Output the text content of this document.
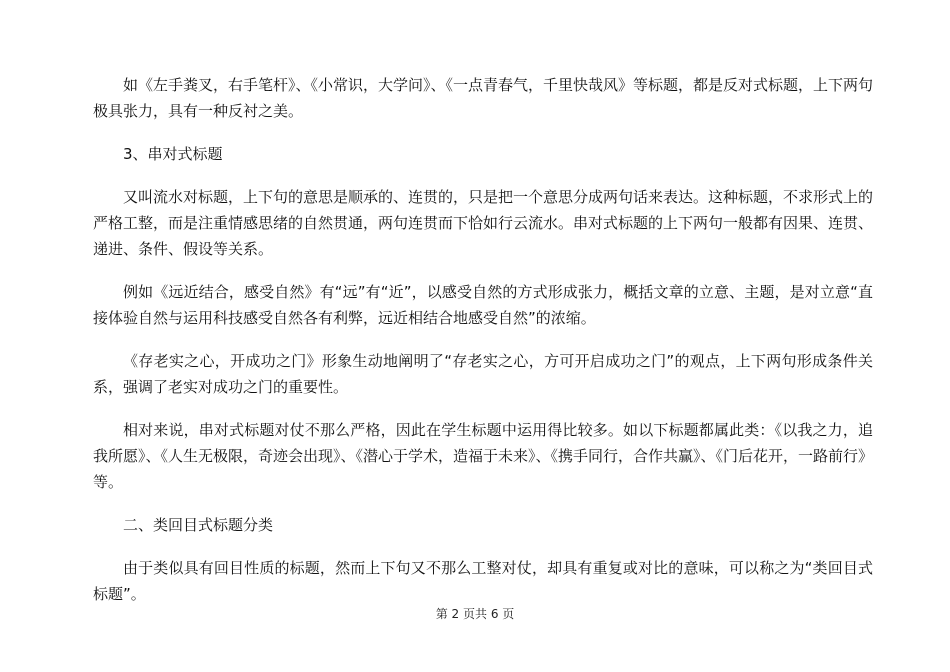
如《左手粪叉，右手笔杆》、《小常识，大学问》、《一点青春气，千里快哉风》等标题，都是反对式标题，上下两句极具张力，具有一种反衬之美。

3、串对式标题

又叫流水对标题，上下句的意思是顺承的、连贯的，只是把一个意思分成两句话来表达。这种标题，不求形式上的严格工整，而是注重情感思绪的自然贯通，两句连贯而下恰如行云流水。串对式标题的上下两句一般都有因果、连贯、递进、条件、假设等关系。

例如《远近结合，感受自然》有“远”有“近”，以感受自然的方式形成张力，概括文章的立意、主题，是对立意“直接体验自然与运用科技感受自然各有利弊，远近相结合地感受自然”的浓缩。

《存老实之心，开成功之门》形象生动地阐明了“存老实之心，方可开启成功之门”的观点，上下两句形成条件关系，强调了老实对成功之门的重要性。

相对来说，串对式标题对仗不那么严格，因此在学生标题中运用得比较多。如以下标题都属此类：《以我之力，追我所愿》、《人生无极限，奇迹会出现》、《潜心于学术，造福于未来》、《携手同行，合作共赢》、《门后花开，一路前行》等。

二、类回目式标题分类

由于类似具有回目性质的标题，然而上下句又不那么工整对仗，却具有重复或对比的意味，可以称之为“类回目式标题”。

第 2 页共 6 页
